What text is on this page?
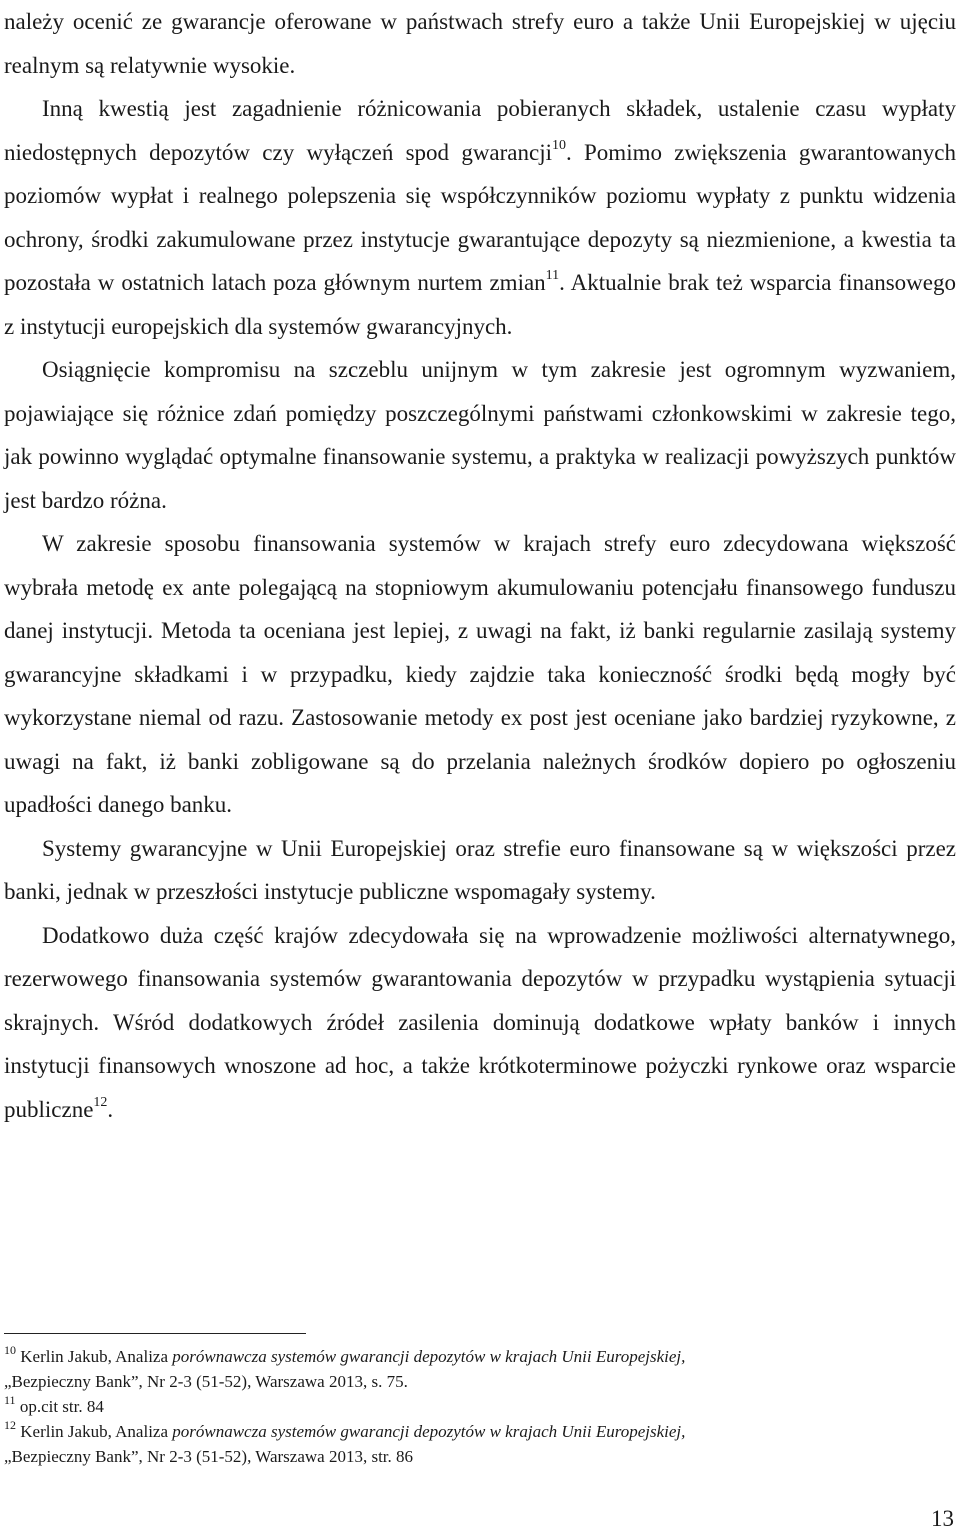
należy ocenić ze gwarancje oferowane w państwach strefy euro a także Unii Europejskiej w ujęciu realnym są relatywnie wysokie.

Inną kwestią jest zagadnienie różnicowania pobieranych składek, ustalenie czasu wypłaty niedostępnych depozytów czy wyłączeń spod gwarancji$^{10}$. Pomimo zwiększenia gwarantowanych poziomów wypłat i realnego polepszenia się współczynników poziomu wypłaty z punktu widzenia ochrony, środki zakumulowane przez instytucje gwarantujące depozyty są niezmienione, a kwestia ta pozostała w ostatnich latach poza głównym nurtem zmian$^{11}$. Aktualnie brak też wsparcia finansowego z instytucji europejskich dla systemów gwarancyjnych.

Osiągnięcie kompromisu na szczeblu unijnym w tym zakresie jest ogromnym wyzwaniem, pojawiające się różnice zdań pomiędzy poszczególnymi państwami członkowskimi w zakresie tego, jak powinno wyglądać optymalne finansowanie systemu, a praktyka w realizacji powyższych punktów jest bardzo różna.

W zakresie sposobu finansowania systemów w krajach strefy euro zdecydowana większość wybrała metodę ex ante polegającą na stopniowym akumulowaniu potencjału finansowego funduszu danej instytucji. Metoda ta oceniana jest lepiej, z uwagi na fakt, iż banki regularnie zasilają systemy gwarancyjne składkami i w przypadku, kiedy zajdzie taka konieczność środki będą mogły być wykorzystane niemal od razu. Zastosowanie metody ex post jest oceniane jako bardziej ryzykowne, z uwagi na fakt, iż banki zobligowane są do przelania należnych środków dopiero po ogłoszeniu upadłości danego banku.

Systemy gwarancyjne w Unii Europejskiej oraz strefie euro finansowane są w większości przez banki, jednak w przeszłości instytucje publiczne wspomagały systemy.

Dodatkowo duża część krajów zdecydowała się na wprowadzenie możliwości alternatywnego, rezerwowego finansowania systemów gwarantowania depozytów w przypadku wystąpienia sytuacji skrajnych. Wśród dodatkowych źródeł zasilenia dominują dodatkowe wpłaty banków i innych instytucji finansowych wnoszone ad hoc, a także krótkoterminowe pożyczki rynkowe oraz wsparcie publiczne$^{12}$.

$^{10}$ Kerlin Jakub, Analiza porównawcza systemów gwarancji depozytów w krajach Unii Europejskiej,
„Bezpieczny Bank”, Nr 2-3 (51-52), Warszawa 2013, s. 75.

$^{11}$ op.cit str. 84

$^{12}$ Kerlin Jakub, Analiza porównawcza systemów gwarancji depozytów w krajach Unii Europejskiej,
„Bezpieczny Bank”, Nr 2-3 (51-52), Warszawa 2013, str. 86

13
